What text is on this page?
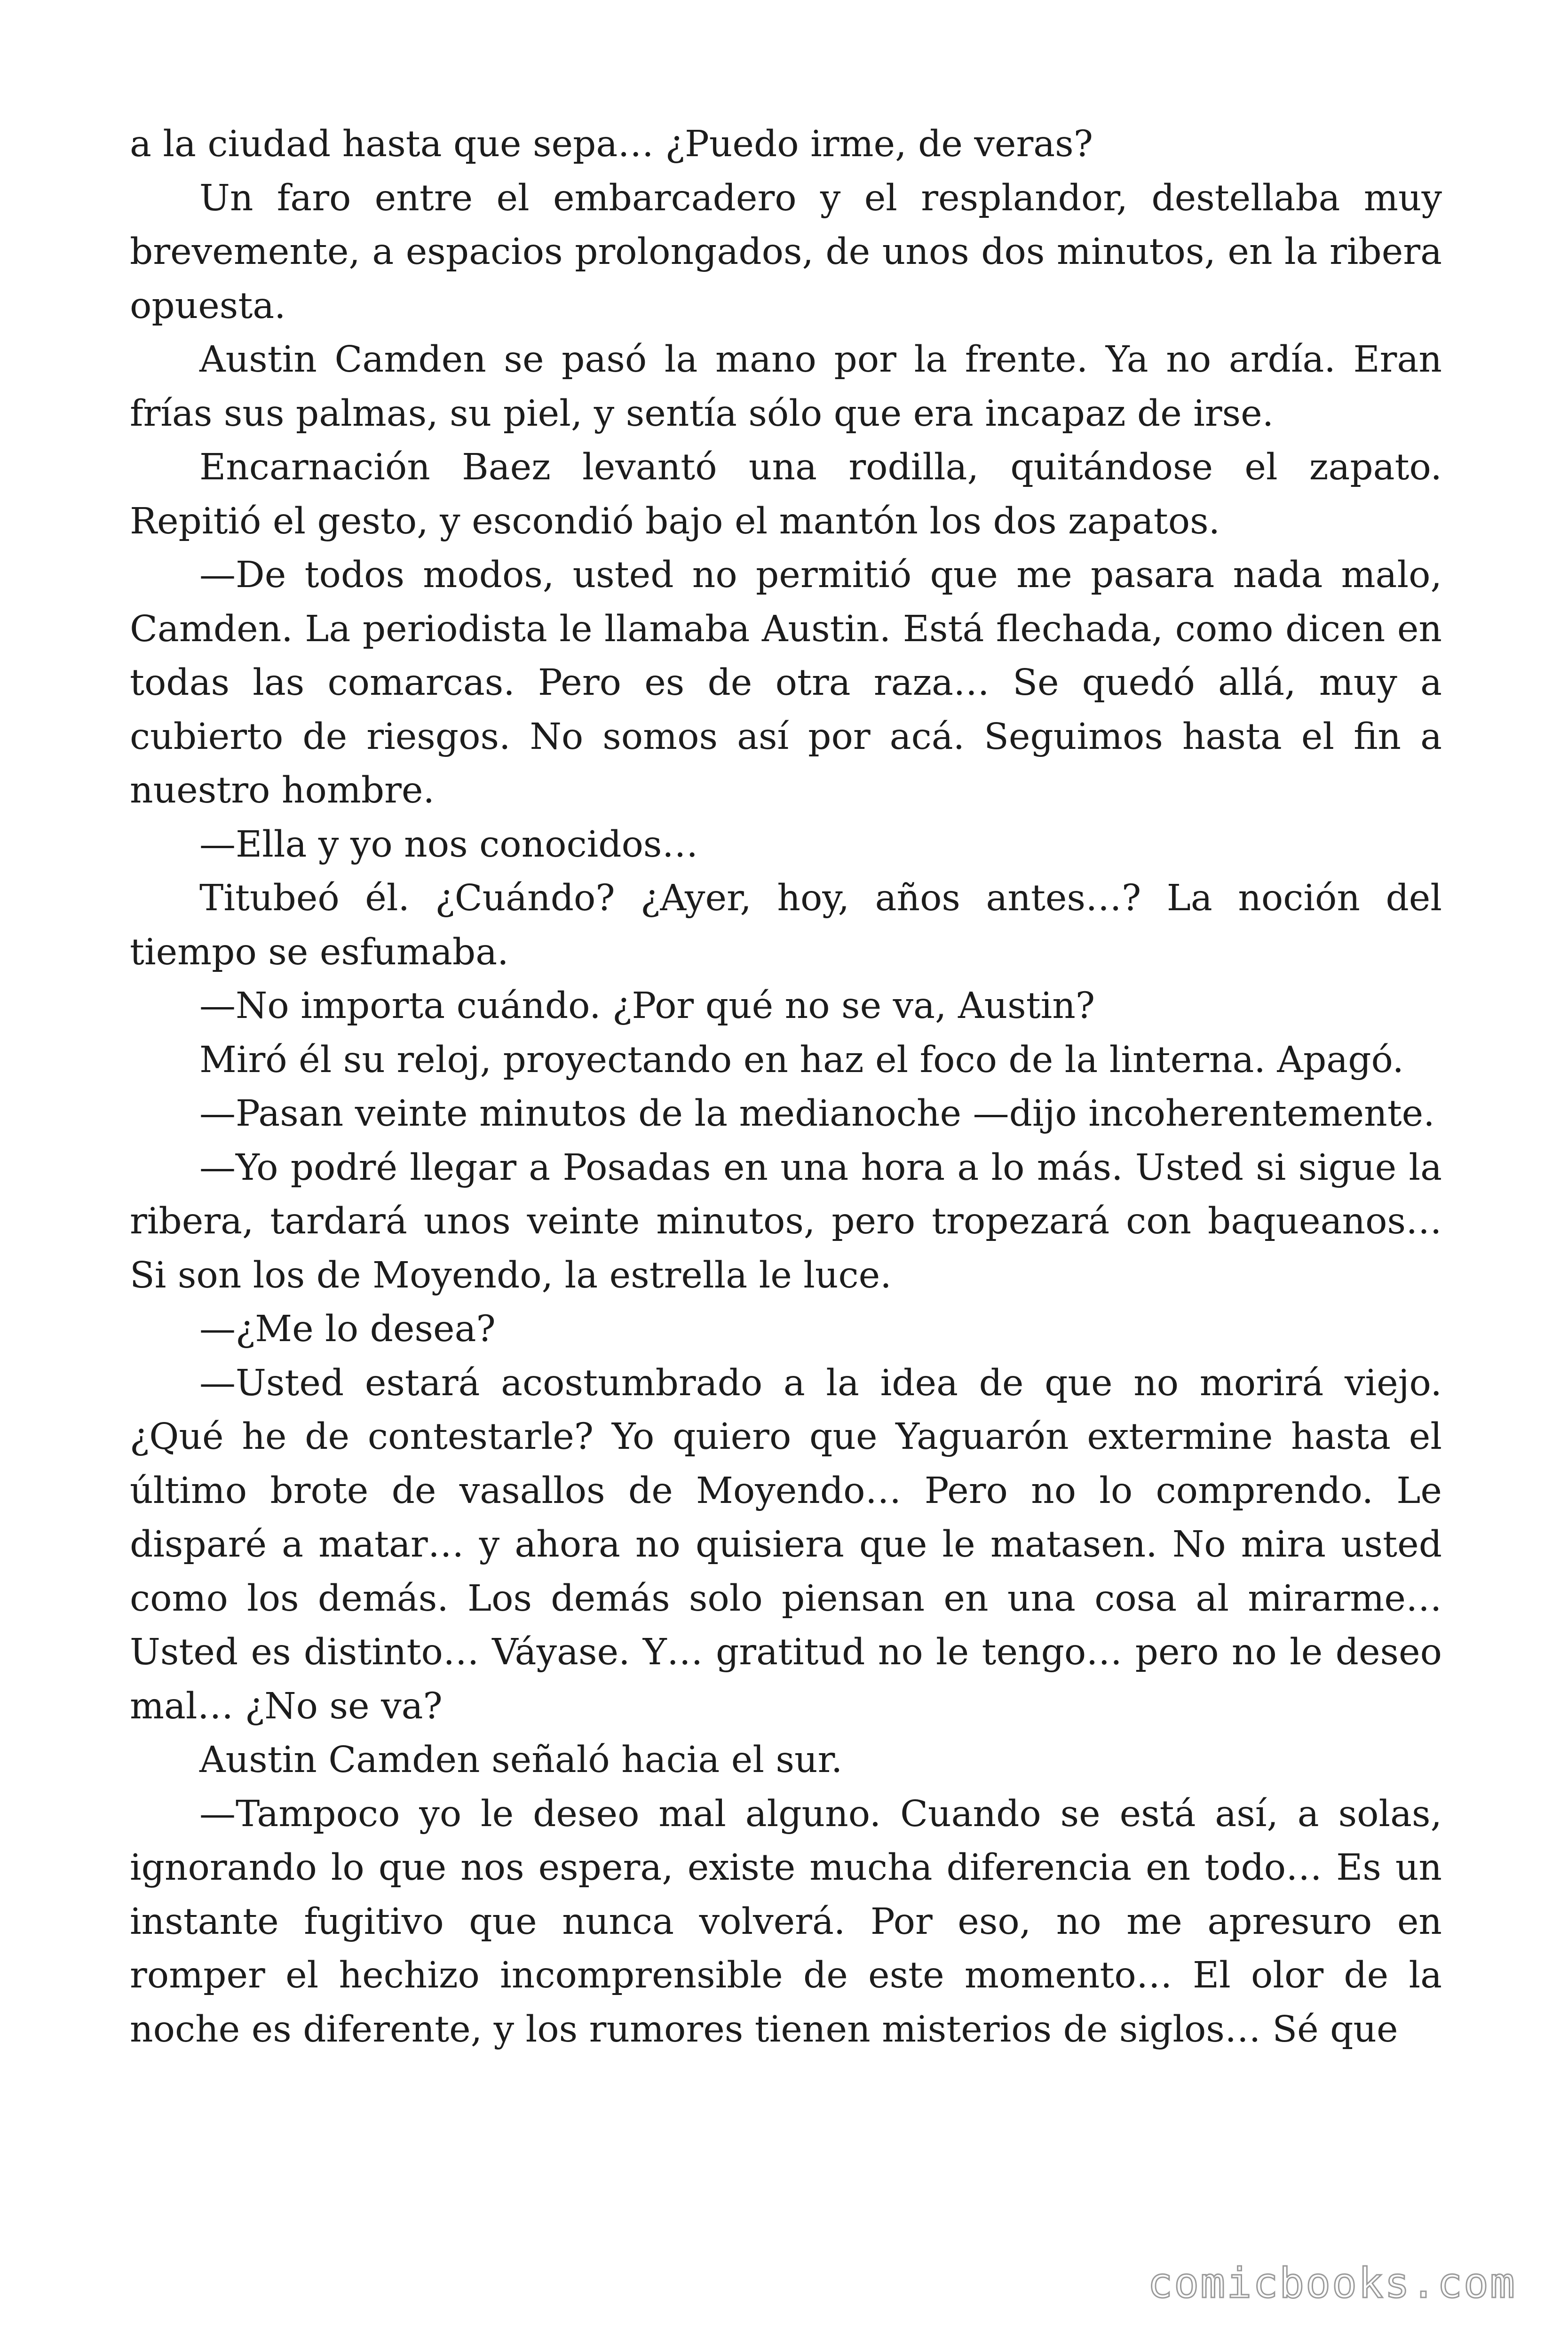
a la ciudad hasta que sepa… ¿Puedo irme, de veras?

Un faro entre el embarcadero y el resplandor, destellaba muy brevemente, a espacios prolongados, de unos dos minutos, en la ribera opuesta.

Austin Camden se pasó la mano por la frente. Ya no ardía. Eran frías sus palmas, su piel, y sentía sólo que era incapaz de irse.

Encarnación Baez levantó una rodilla, quitándose el zapato. Repitió el gesto, y escondió bajo el mantón los dos zapatos.

—De todos modos, usted no permitió que me pasara nada malo, Camden. La periodista le llamaba Austin. Está flechada, como dicen en todas las comarcas. Pero es de otra raza… Se quedó allá, muy a cubierto de riesgos. No somos así por acá. Seguimos hasta el fin a nuestro hombre.

—Ella y yo nos conocidos…

Titubeó él. ¿Cuándo? ¿Ayer, hoy, años antes…? La noción del tiempo se esfumaba.

—No importa cuándo. ¿Por qué no se va, Austin?

Miró él su reloj, proyectando en haz el foco de la linterna. Apagó.

—Pasan veinte minutos de la medianoche —dijo incoherentemente.

—Yo podré llegar a Posadas en una hora a lo más. Usted si sigue la ribera, tardará unos veinte minutos, pero tropezará con baqueanos… Si son los de Moyendo, la estrella le luce.

—¿Me lo desea?

—Usted estará acostumbrado a la idea de que no morirá viejo. ¿Qué he de contestarle? Yo quiero que Yaguarón extermine hasta el último brote de vasallos de Moyendo… Pero no lo comprendo. Le disparé a matar… y ahora no quisiera que le matasen. No mira usted como los demás. Los demás solo piensan en una cosa al mirarme… Usted es distinto… Váyase. Y… gratitud no le tengo… pero no le deseo mal… ¿No se va?

Austin Camden señaló hacia el sur.

—Tampoco yo le deseo mal alguno. Cuando se está así, a solas, ignorando lo que nos espera, existe mucha diferencia en todo… Es un instante fugitivo que nunca volverá. Por eso, no me apresuro en romper el hechizo incomprensible de este momento… El olor de la noche es diferente, y los rumores tienen misterios de siglos… Sé que

comicbooks.com
